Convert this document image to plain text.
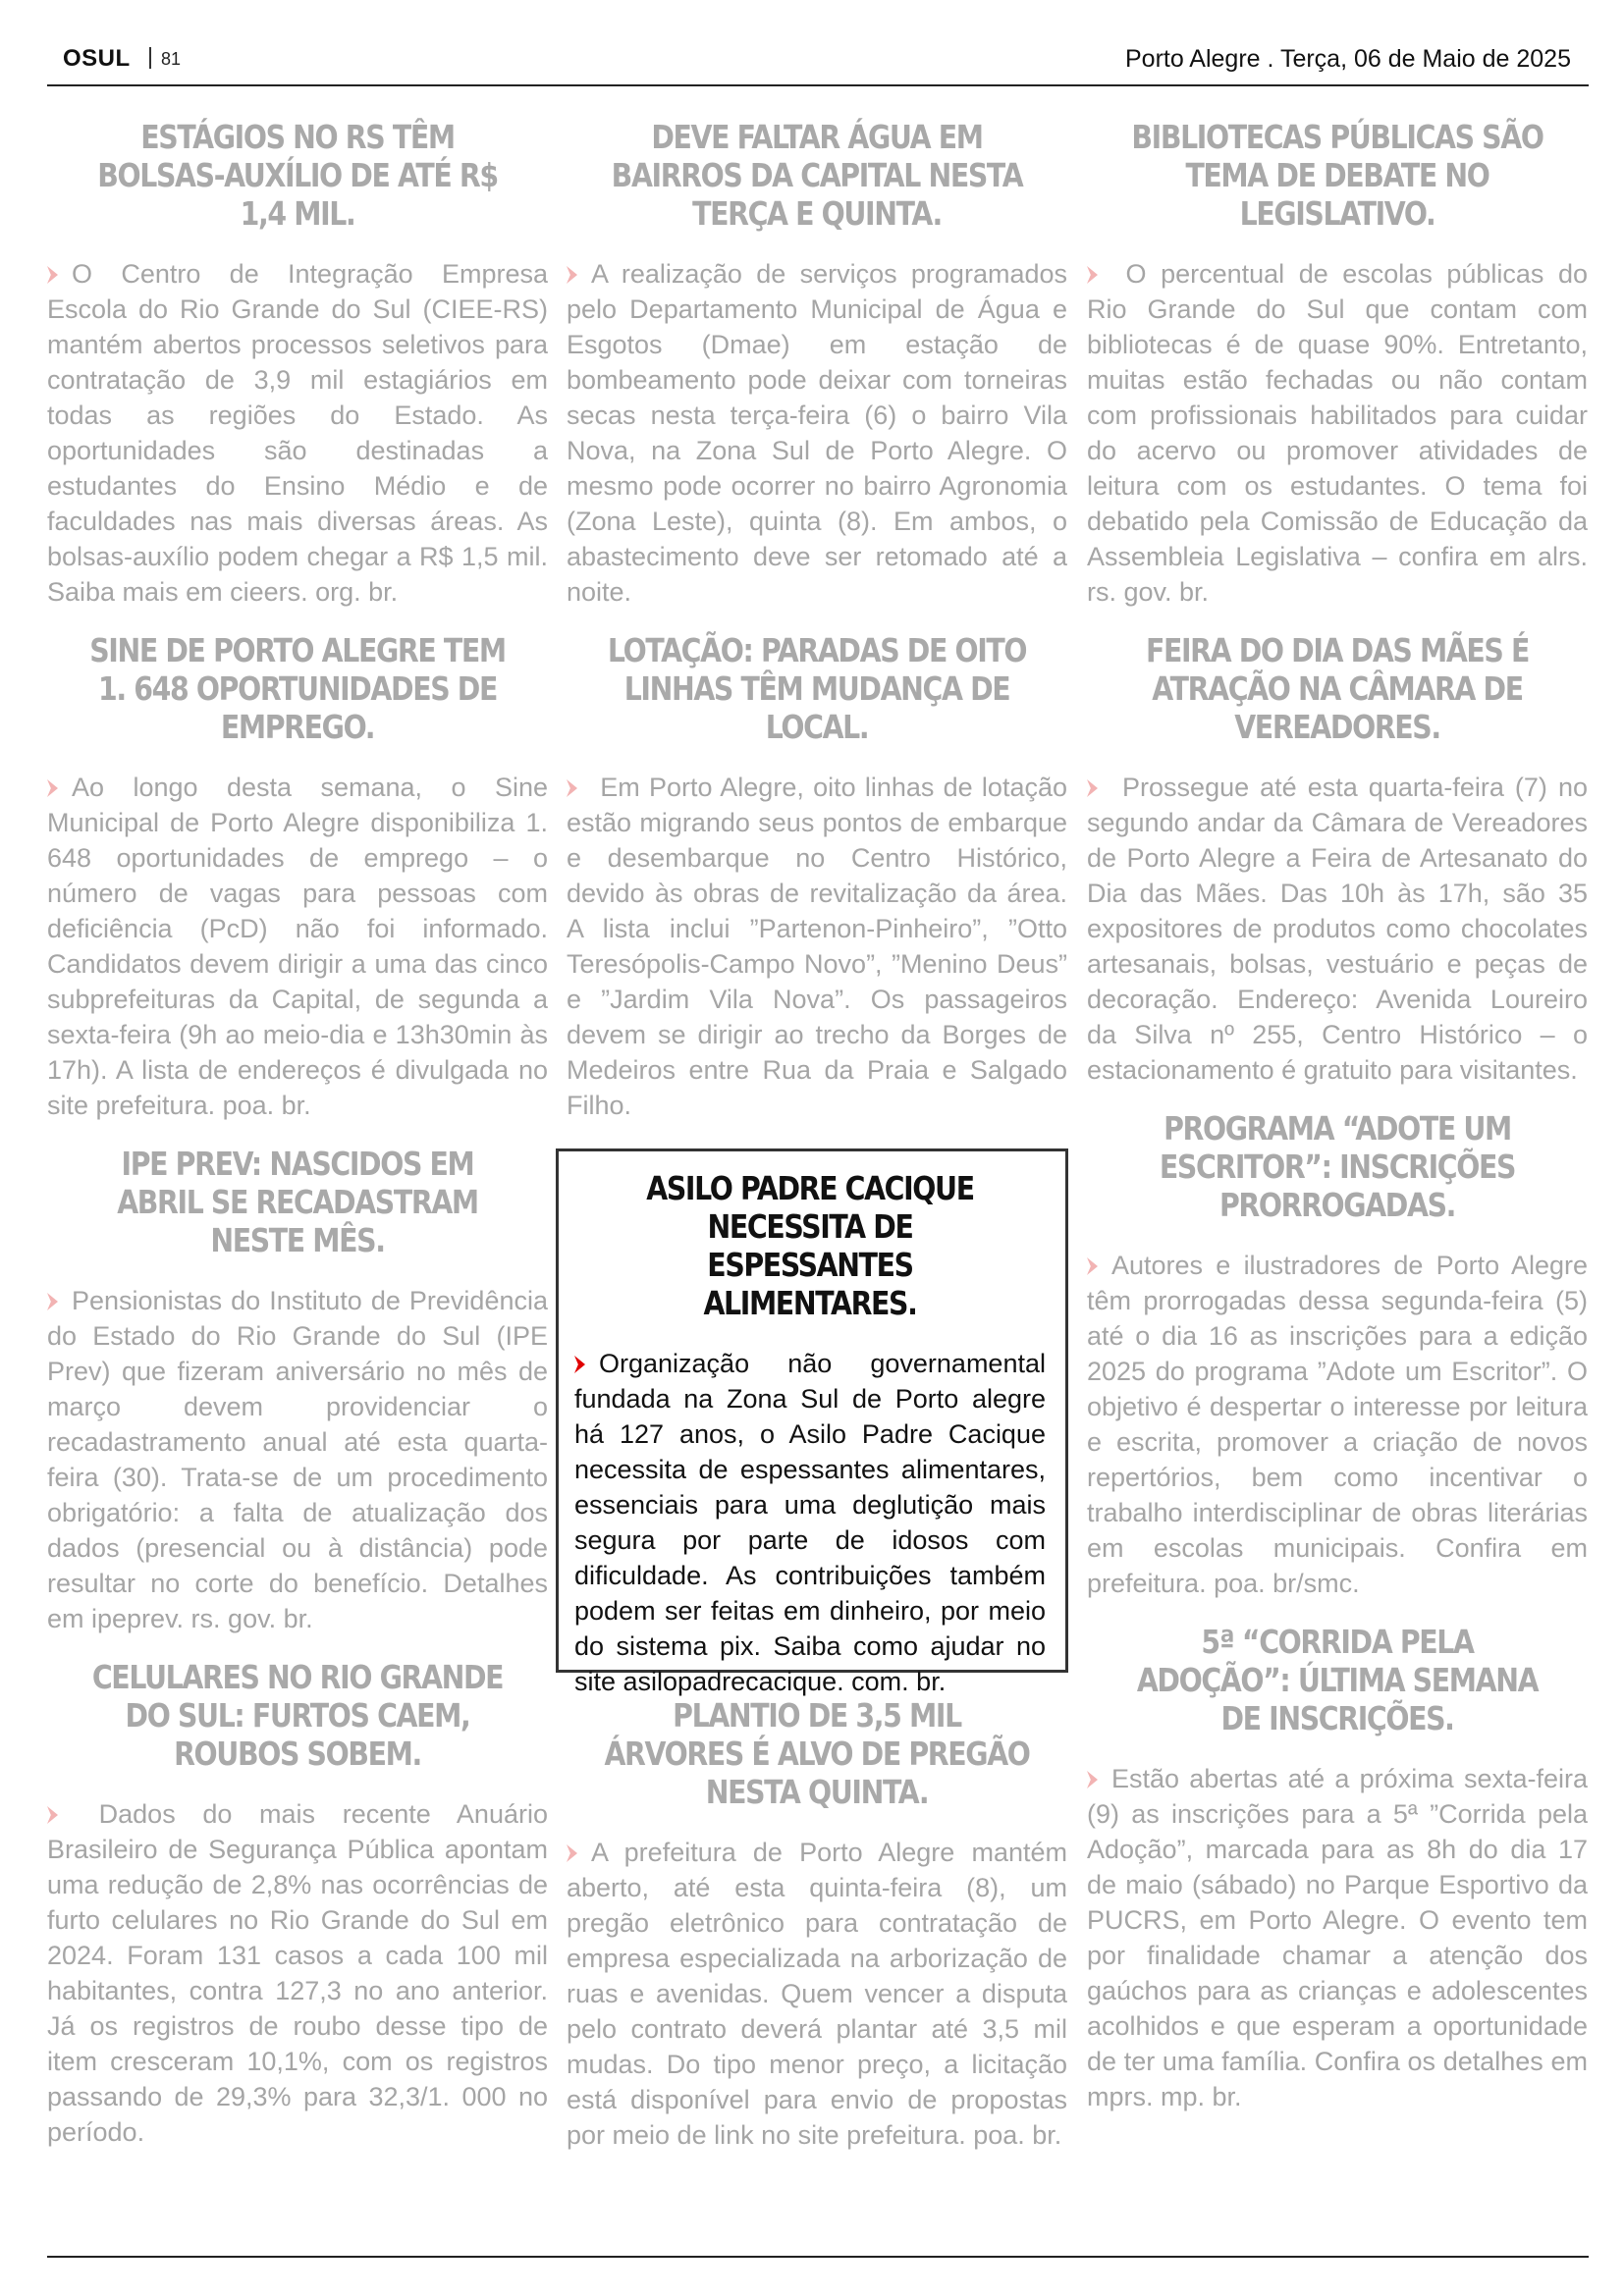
OSUL 81	Porto Alegre . Terça, 06 de Maio de 2025
ESTÁGIOS NO RS TÊM BOLSAS-AUXÍLIO DE ATÉ R$ 1,4 MIL.

O Centro de Integração Empresa Escola do Rio Grande do Sul (CIEE-RS) mantém abertos processos seletivos para contratação de 3,9 mil estagiários em todas as regiões do Estado. As oportunidades são destinadas a estudantes do Ensino Médio e de faculdades nas mais diversas áreas. As bolsas-auxílio podem chegar a R$ 1,5 mil. Saiba mais em cieers. org. br.

SINE DE PORTO ALEGRE TEM 1. 648 OPORTUNIDADES DE EMPREGO.

Ao longo desta semana, o Sine Municipal de Porto Alegre disponibiliza 1. 648 oportunidades de emprego – o número de vagas para pessoas com deficiência (PcD) não foi informado. Candidatos devem dirigir a uma das cinco subprefeituras da Capital, de segunda a sexta-feira (9h ao meio-dia e 13h30min às 17h). A lista de endereços é divulgada no site prefeitura. poa. br.

IPE PREV: NASCIDOS EM ABRIL SE RECADASTRAM NESTE MÊS.

Pensionistas do Instituto de Previdência do Estado do Rio Grande do Sul (IPE Prev) que fizeram aniversário no mês de março devem providenciar o recadastramento anual até esta quarta-feira (30). Trata-se de um procedimento obrigatório: a falta de atualização dos dados (presencial ou à distância) pode resultar no corte do benefício. Detalhes em ipeprev. rs. gov. br.

CELULARES NO RIO GRANDE DO SUL: FURTOS CAEM, ROUBOS SOBEM.

Dados do mais recente Anuário Brasileiro de Segurança Pública apontam uma redução de 2,8% nas ocorrências de furto celulares no Rio Grande do Sul em 2024. Foram 131 casos a cada 100 mil habitantes, contra 127,3 no ano anterior. Já os registros de roubo desse tipo de item cresceram 10,1%, com os registros passando de 29,3% para 32,3/1. 000 no período.

DEVE FALTAR ÁGUA EM BAIRROS DA CAPITAL NESTA TERÇA E QUINTA.

A realização de serviços programados pelo Departamento Municipal de Água e Esgotos (Dmae) em estação de bombeamento pode deixar com torneiras secas nesta terça-feira (6) o bairro Vila Nova, na Zona Sul de Porto Alegre. O mesmo pode ocorrer no bairro Agronomia (Zona Leste), quinta (8). Em ambos, o abastecimento deve ser retomado até a noite.

LOTAÇÃO: PARADAS DE OITO LINHAS TÊM MUDANÇA DE LOCAL.

Em Porto Alegre, oito linhas de lotação estão migrando seus pontos de embarque e desembarque no Centro Histórico, devido às obras de revitalização da área. A lista inclui ”Partenon-Pinheiro”, ”Otto Teresópolis-Campo Novo”, ”Menino Deus” e ”Jardim Vila Nova”. Os passageiros devem se dirigir ao trecho da Borges de Medeiros entre Rua da Praia e Salgado Filho.

PLANTIO DE 3,5 MIL ÁRVORES É ALVO DE PREGÃO NESTA QUINTA.

A prefeitura de Porto Alegre mantém aberto, até esta quinta-feira (8), um pregão eletrônico para contratação de empresa especializada na arborização de ruas e avenidas. Quem vencer a disputa pelo contrato deverá plantar até 3,5 mil mudas. Do tipo menor preço, a licitação está disponível para envio de propostas por meio de link no site prefeitura. poa. br.

ASILO PADRE CACIQUE NECESSITA DE ESPESSANTES ALIMENTARES.

Organização não governamental fundada na Zona Sul de Porto alegre há 127 anos, o Asilo Padre Cacique necessita de espessantes alimentares, essenciais para uma deglutição mais segura por parte de idosos com dificuldade. As contribuições também podem ser feitas em dinheiro, por meio do sistema pix. Saiba como ajudar no site asilopadrecacique. com. br.

BIBLIOTECAS PÚBLICAS SÃO TEMA DE DEBATE NO LEGISLATIVO.

O percentual de escolas públicas do Rio Grande do Sul que contam com bibliotecas é de quase 90%. Entretanto, muitas estão fechadas ou não contam com profissionais habilitados para cuidar do acervo ou promover atividades de leitura com os estudantes. O tema foi debatido pela Comissão de Educação da Assembleia Legislativa – confira em alrs. rs. gov. br.

FEIRA DO DIA DAS MÃES É ATRAÇÃO NA CÂMARA DE VEREADORES.

Prossegue até esta quarta-feira (7) no segundo andar da Câmara de Vereadores de Porto Alegre a Feira de Artesanato do Dia das Mães. Das 10h às 17h, são 35 expositores de produtos como chocolates artesanais, bolsas, vestuário e peças de decoração. Endereço: Avenida Loureiro da Silva nº 255, Centro Histórico – o estacionamento é gratuito para visitantes.

PROGRAMA “ADOTE UM ESCRITOR”: INSCRIÇÕES PRORROGADAS.

Autores e ilustradores de Porto Alegre têm prorrogadas dessa segunda-feira (5) até o dia 16 as inscrições para a edição 2025 do programa ”Adote um Escritor”. O objetivo é despertar o interesse por leitura e escrita, promover a criação de novos repertórios, bem como incentivar o trabalho interdisciplinar de obras literárias em escolas municipais. Confira em prefeitura. poa. br/smc.

5ª “CORRIDA PELA ADOÇÃO”: ÚLTIMA SEMANA DE INSCRIÇÕES.

Estão abertas até a próxima sexta-feira (9) as inscrições para a 5ª ”Corrida pela Adoção”, marcada para as 8h do dia 17 de maio (sábado) no Parque Esportivo da PUCRS, em Porto Alegre. O evento tem por finalidade chamar a atenção dos gaúchos para as crianças e adolescentes acolhidos e que esperam a oportunidade de ter uma família. Confira os detalhes em mprs. mp. br.
